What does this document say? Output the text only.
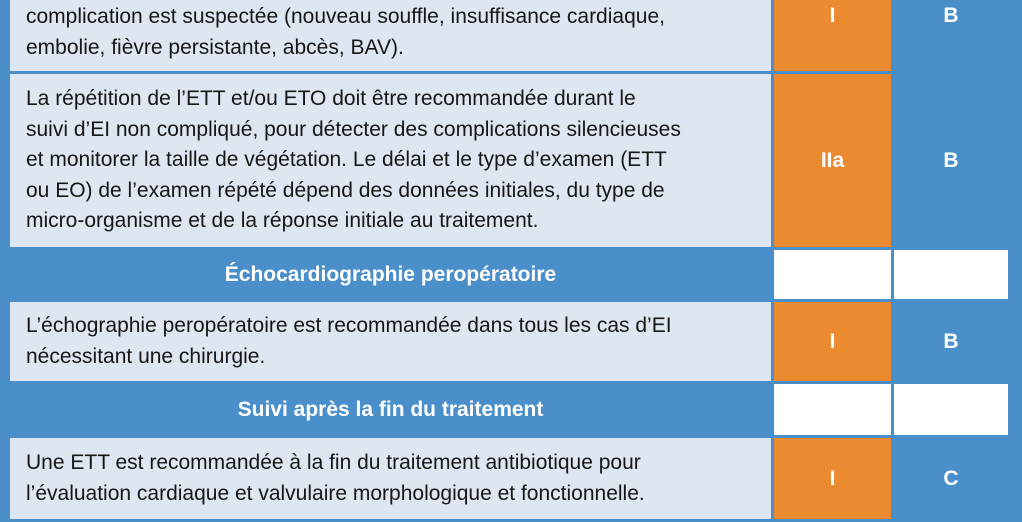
complication est suspectée (nouveau souffle, insuffisance cardiaque,
embolie, fièvre persistante, abcès, BAV).	I	B
La répétition de l’ETT et/ou ETO doit être recommandée durant le
suivi d’EI non compliqué, pour détecter des complications silencieuses
et monitorer la taille de végétation. Le délai et le type d’examen (ETT
ou EO) de l’examen répété dépend des données initiales, du type de
micro-organisme et de la réponse initiale au traitement.	IIa	B
Échocardiographie peropératoire		
L’échographie peropératoire est recommandée dans tous les cas d’EI
nécessitant une chirurgie.	I	B
Suivi après la fin du traitement		
Une ETT est recommandée à la fin du traitement antibiotique pour
l’évaluation cardiaque et valvulaire morphologique et fonctionnelle.	I	C
